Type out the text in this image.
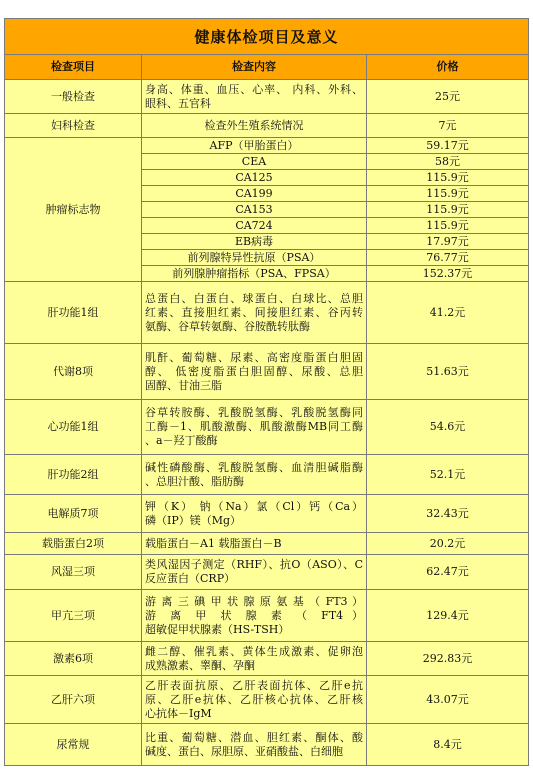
健康体检项目及意义		
检查项目	检查内容	价格
一般检查	身高、体重、血压、心率、 内科、外科、
眼科、五官科	25元
妇科检查	检查外生殖系统情况	7元
肿瘤标志物	AFP（甲胎蛋白）	59.17元
	CEA	58元
	CA125	115.9元
	CA199	115.9元
	CA153	115.9元
	CA724	115.9元
	EB病毒	17.97元
	前列腺特异性抗原（PSA）	76.77元
	前列腺肿瘤指标（PSA、FPSA）	152.37元
肝功能1组	总蛋白、白蛋白、球蛋白、白球比、总胆
红素、直接胆红素、间接胆红素、谷丙转
氨酶、谷草转氨酶、谷胺酰转肽酶	41.2元
代谢8项	肌酐、葡萄糖、尿素、高密度脂蛋白胆固
醇、 低密度脂蛋白胆固醇、尿酸、总胆
固醇、甘油三脂	51.63元
心功能1组	谷草转胺酶、乳酸脱氢酶、乳酸脱氢酶同
工酶－1、肌酸激酶、肌酸激酶MB同工酶
、a－羟丁酸酶	54.6元
肝功能2组	碱性磷酸酶、乳酸脱氢酶、血清胆碱脂酶
、总胆汁酸、脂肪酶	52.1元
电解质7项	钾（K） 钠（Na）氯（Cl）钙（Ca）
磷（IP）镁（Mg）	32.43元
载脂蛋白2项	载脂蛋白－A1 载脂蛋白－B	20.2元
风湿三项	类风湿因子测定（RHF）、抗O（ASO）、C
反应蛋白（CRP）	62.47元
甲亢三项	游 离 三 碘 甲 状 腺 原 氨 基 （ FT3 ）
游 离 甲 状 腺 素 （ FT4 ）
超敏促甲状腺素（HS-TSH）	129.4元
激素6项	雌二醇、催乳素、黄体生成激素、促卵泡
成熟激素、睾酮、孕酮	292.83元
乙肝六项	乙肝表面抗原、乙肝表面抗体、乙肝e抗
原、乙肝e抗体、乙肝核心抗体、乙肝核
心抗体－IgM	43.07元
尿常规	比重、葡萄糖、潜血、胆红素、酮体、酸
碱度、蛋白、尿胆原、亚硝酸盐、白细胞	8.4元
